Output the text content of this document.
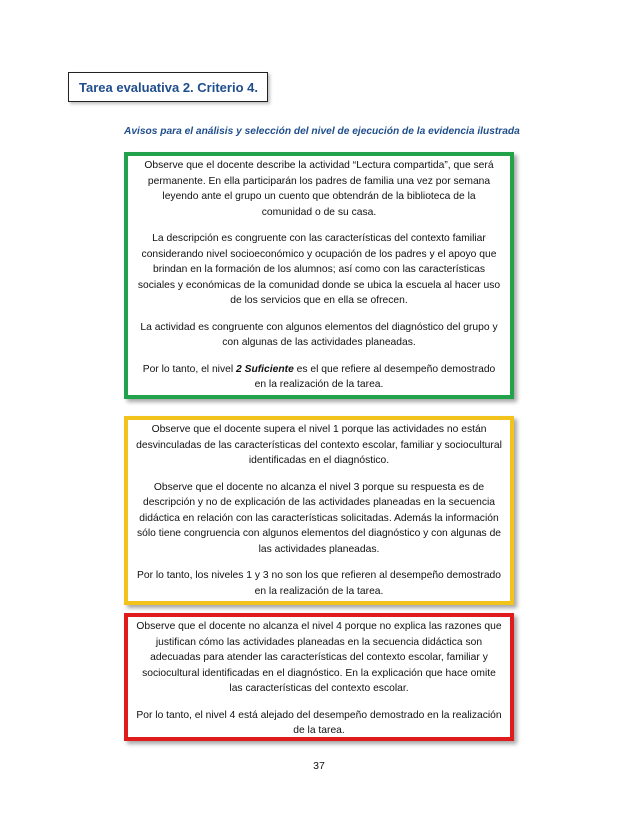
Tarea evaluativa 2. Criterio 4.
Avisos para el análisis y selección del nivel de ejecución de la evidencia ilustrada

Observe que el docente describe la actividad “Lectura compartida”, que será permanente. En ella participarán los padres de familia una vez por semana leyendo ante el grupo un cuento que obtendrán de la biblioteca de la comunidad o de su casa.

La descripción es congruente con las características del contexto familiar considerando nivel socioeconómico y ocupación de los padres y el apoyo que brindan en la formación de los alumnos; así como con las características sociales y económicas de la comunidad donde se ubica la escuela al hacer uso de los servicios que en ella se ofrecen.

La actividad es congruente con algunos elementos del diagnóstico del grupo y con algunas de las actividades planeadas.

Por lo tanto, el nivel 2 Suficiente es el que refiere al desempeño demostrado en la realización de la tarea.

Observe que el docente supera el nivel 1 porque las actividades no están desvinculadas de las características del contexto escolar, familiar y sociocultural identificadas en el diagnóstico.

Observe que el docente no alcanza el nivel 3 porque su respuesta es de descripción y no de explicación de las actividades planeadas en la secuencia didáctica en relación con las características solicitadas. Además la información sólo tiene congruencia con algunos elementos del diagnóstico y con algunas de las actividades planeadas.

Por lo tanto, los niveles 1 y 3 no son los que refieren al desempeño demostrado en la realización de la tarea.

Observe que el docente no alcanza el nivel 4 porque no explica las razones que justifican cómo las actividades planeadas en la secuencia didáctica son adecuadas para atender las características del contexto escolar, familiar y sociocultural identificadas en el diagnóstico. En la explicación que hace omite las características del contexto escolar.

Por lo tanto, el nivel 4 está alejado del desempeño demostrado en la realización de la tarea.

37
